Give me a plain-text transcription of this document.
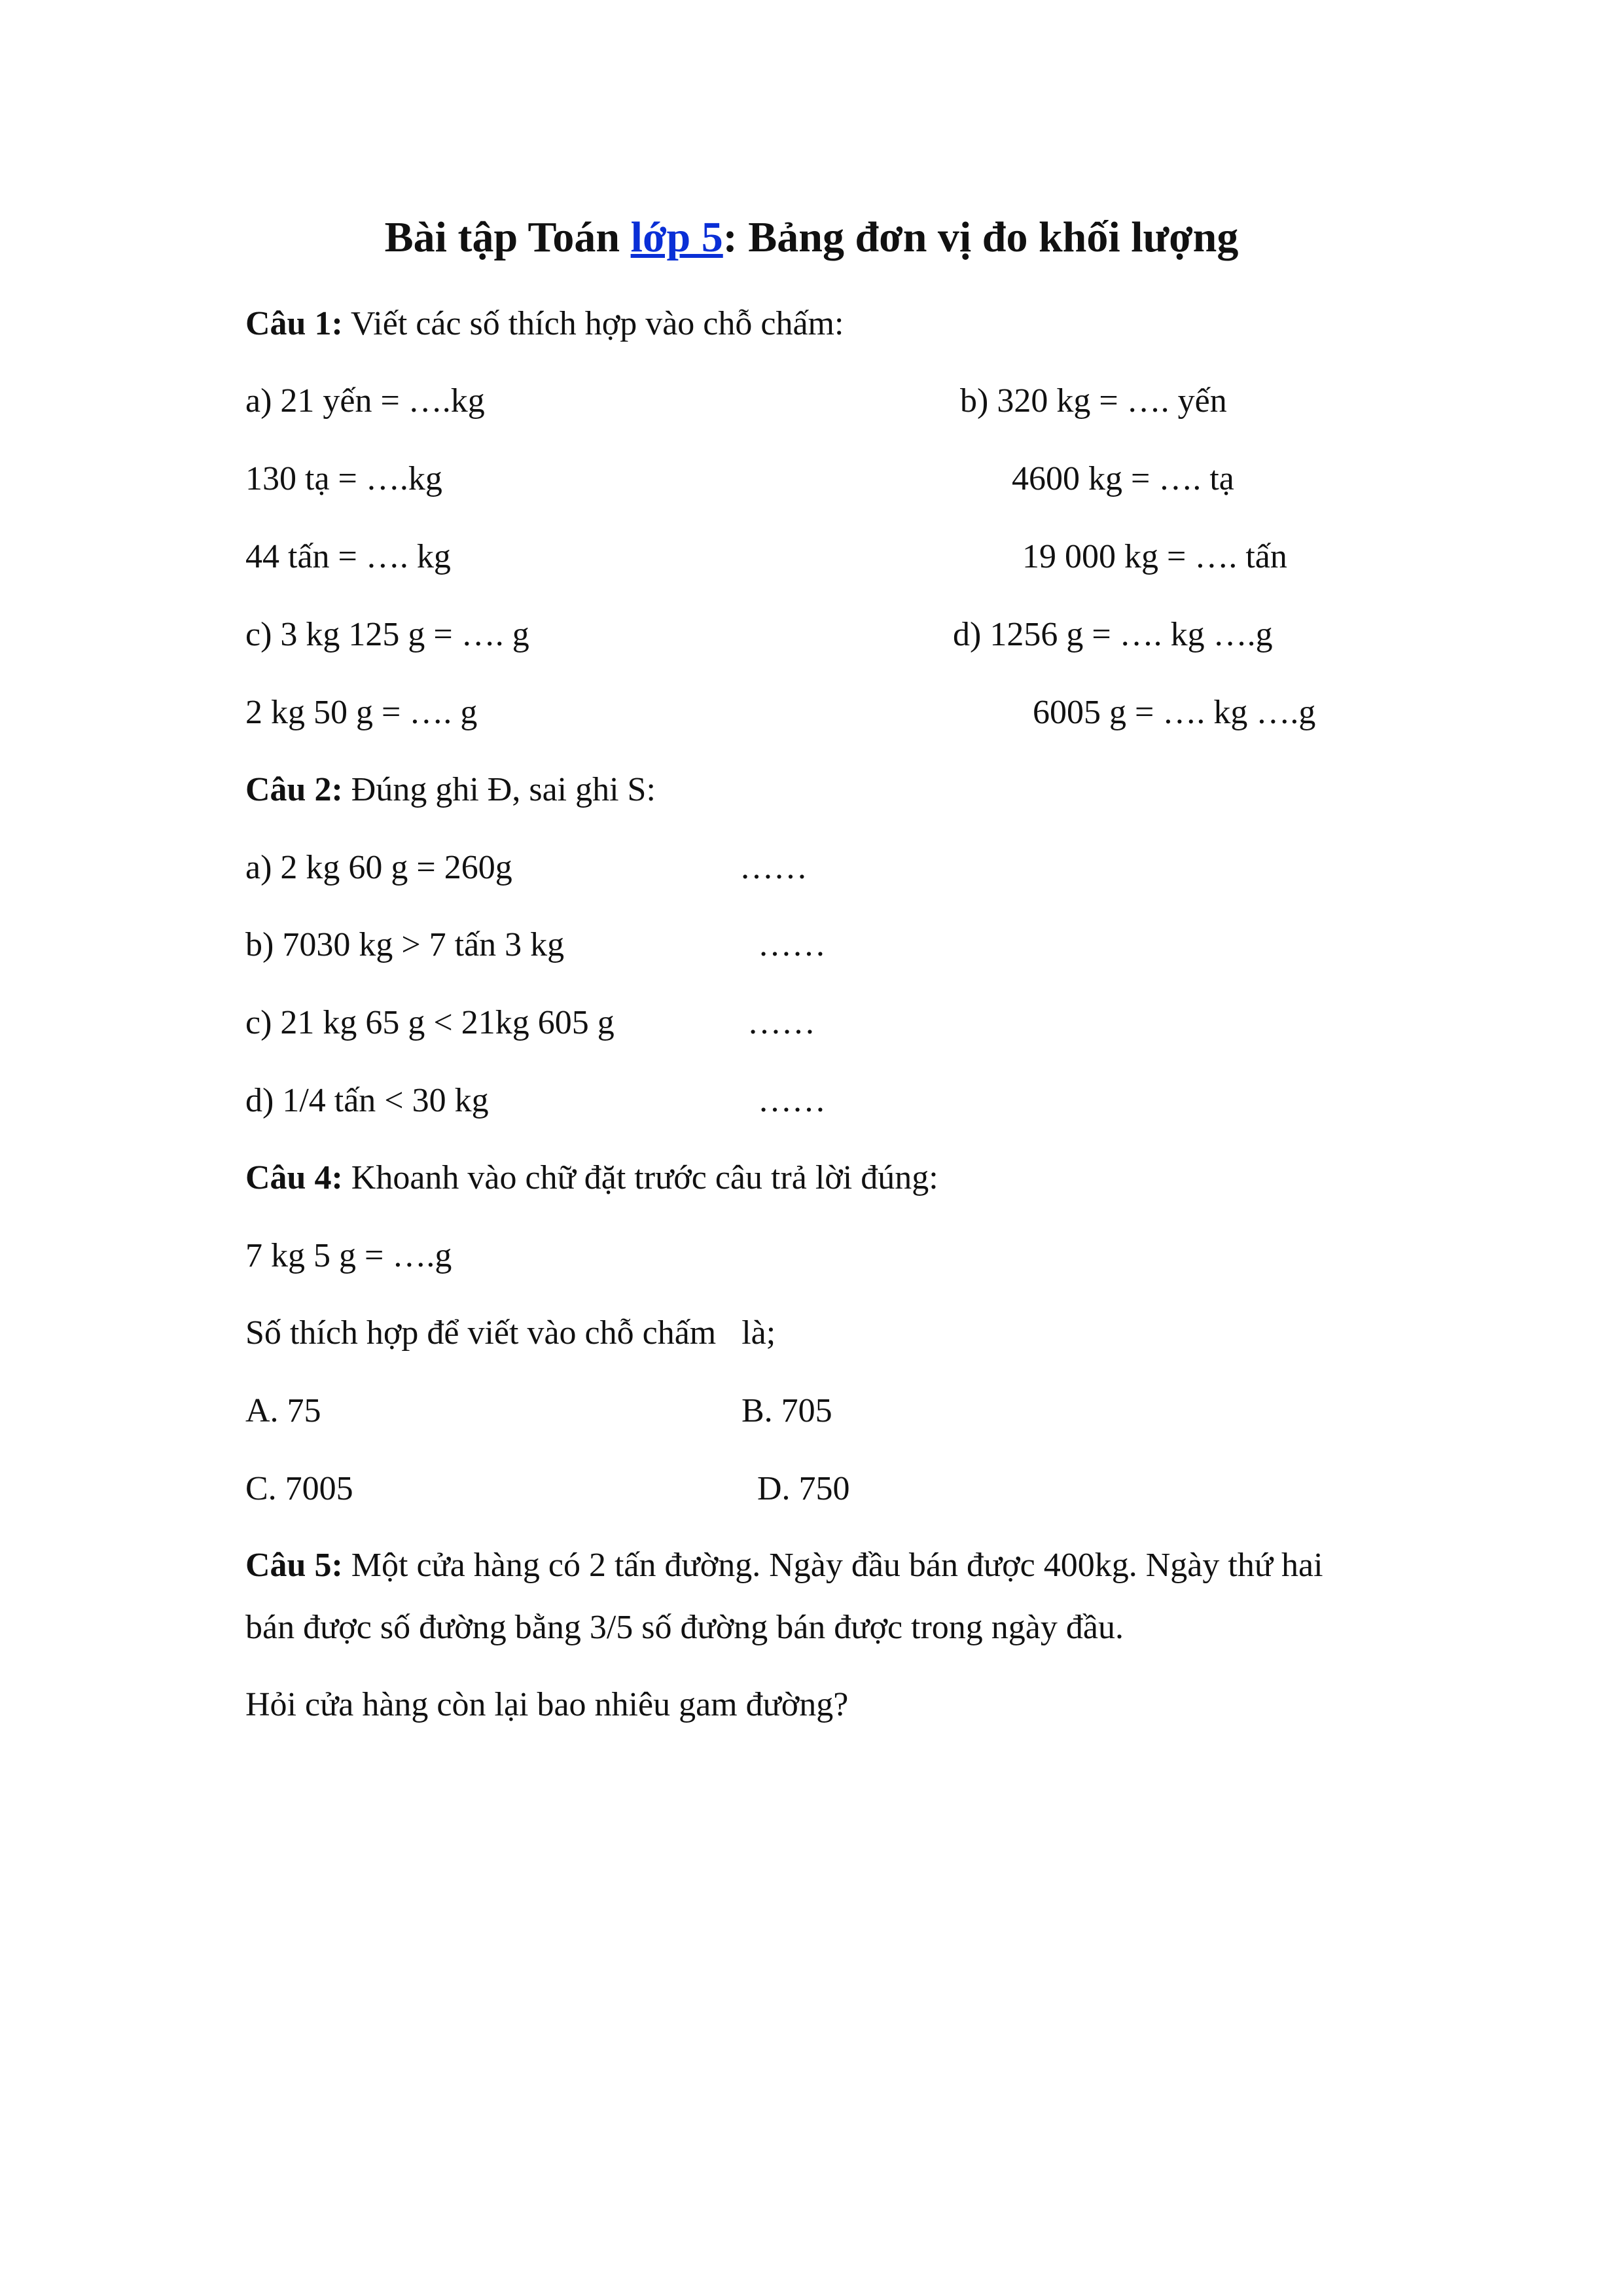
Bài tập Toán lớp 5: Bảng đơn vị đo khối lượng
Câu 1: Viết các số thích hợp vào chỗ chấm:
a) 21 yến = ….kg	b) 320 kg = …. yến
130 tạ = ….kg	4600 kg = …. tạ
44 tấn = …. kg	19 000 kg = …. tấn
c) 3 kg 125 g = …. g	d) 1256 g = …. kg ….g
2 kg 50 g = …. g	6005 g = …. kg ….g
Câu 2: Đúng ghi Đ, sai ghi S:
a) 2 kg 60 g = 260g	……
b) 7030 kg > 7 tấn 3 kg	……
c) 21 kg 65 g < 21kg 605 g	……
d) 1/4 tấn < 30 kg	……
Câu 4: Khoanh vào chữ đặt trước câu trả lời đúng:
7 kg 5 g = ….g
Số thích hợp để viết vào chỗ chấm   là;
A. 75	B. 705
C. 7005	D. 750
Câu 5: Một cửa hàng có 2 tấn đường. Ngày đầu bán được 400kg. Ngày thứ hai
bán được số đường bằng 3/5 số đường bán được trong ngày đầu.
Hỏi cửa hàng còn lại bao nhiêu gam đường?
